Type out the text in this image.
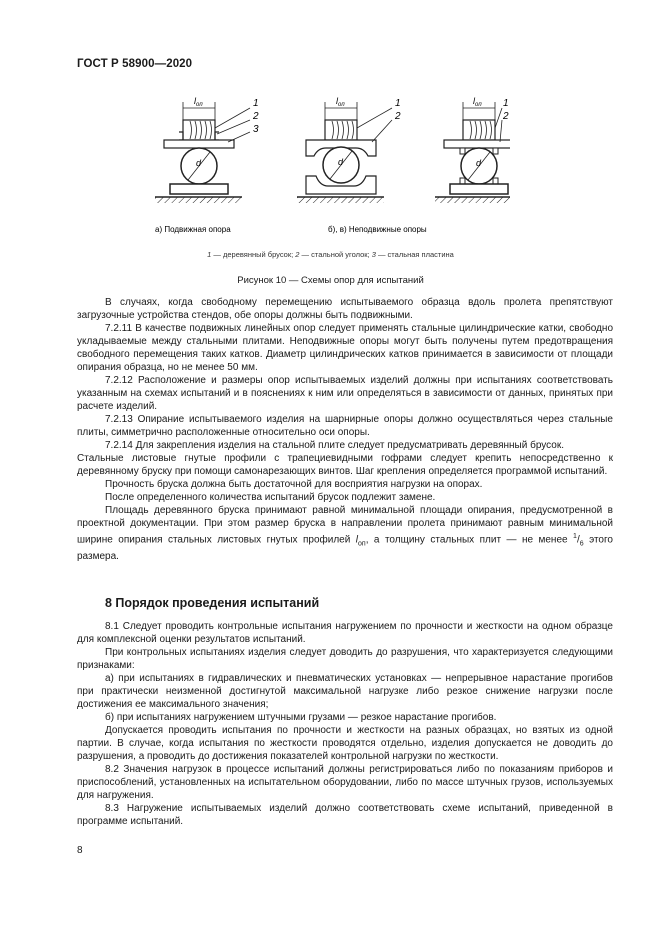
ГОСТ Р 58900—2020
$l_{оп}$
d
1
2
3
$l_{оп}$
d
1
2
$l_{оп}$
d
1
2
а) Подвижная опора	б), в) Неподвижные опоры
1 — деревянный брусок; 2 — стальной уголок; 3 — стальная пластина
Рисунок 10 — Схемы опор для испытаний

В случаях, когда свободному перемещению испытываемого образца вдоль пролета препятствуют загрузочные устройства стендов, обе опоры должны быть подвижными.

7.2.11 В качестве подвижных линейных опор следует применять стальные цилиндрические катки, свободно укладываемые между стальными плитами. Неподвижные опоры могут быть получены путем предотвращения свободного перемещения таких катков. Диаметр цилиндрических катков принимается в зависимости от площади опирания образца, но не менее 50 мм.

7.2.12 Расположение и размеры опор испытываемых изделий должны при испытаниях соответствовать указанным на схемах испытаний и в пояснениях к ним или определяться в зависимости от данных, принятых при расчете изделий.

7.2.13 Опирание испытываемого изделия на шарнирные опоры должно осуществляться через стальные плиты, симметрично расположенные относительно оси опоры.

7.2.14 Для закрепления изделия на стальной плите следует предусматривать деревянный брусок.

Стальные листовые гнутые профили с трапециевидными гофрами следует крепить непосредственно к деревянному бруску при помощи самонарезающих винтов. Шаг крепления определяется программой испытаний.

Прочность бруска должна быть достаточной для восприятия нагрузки на опорах.

После определенного количества испытаний брусок подлежит замене.

Площадь деревянного бруска принимают равной минимальной площади опирания, предусмотренной в проектной документации. При этом размер бруска в направлении пролета принимают равным минимальной ширине опирания стальных листовых гнутых профилей $l_{оп}$, а толщину стальных плит — не менее $^1/_6$ этого размера.

8 Порядок проведения испытаний

8.1 Следует проводить контрольные испытания нагружением по прочности и жесткости на одном образце для комплексной оценки результатов испытаний.

При контрольных испытаниях изделия следует доводить до разрушения, что характеризуется следующими признаками:

а) при испытаниях в гидравлических и пневматических установках — непрерывное нарастание прогибов при практически неизменной достигнутой максимальной нагрузке либо резкое снижение нагрузки после достижения ее максимального значения;

б) при испытаниях нагружением штучными грузами — резкое нарастание прогибов.

Допускается проводить испытания по прочности и жесткости на разных образцах, но взятых из одной партии. В случае, когда испытания по жесткости проводятся отдельно, изделия допускается не доводить до разрушения, а проводить до достижения показателей контрольной нагрузки по жесткости.

8.2 Значения нагрузок в процессе испытаний должны регистрироваться либо по показаниям приборов и приспособлений, установленных на испытательном оборудовании, либо по массе штучных грузов, используемых для нагружения.

8.3 Нагружение испытываемых изделий должно соответствовать схеме испытаний, приведенной в программе испытаний.

8
